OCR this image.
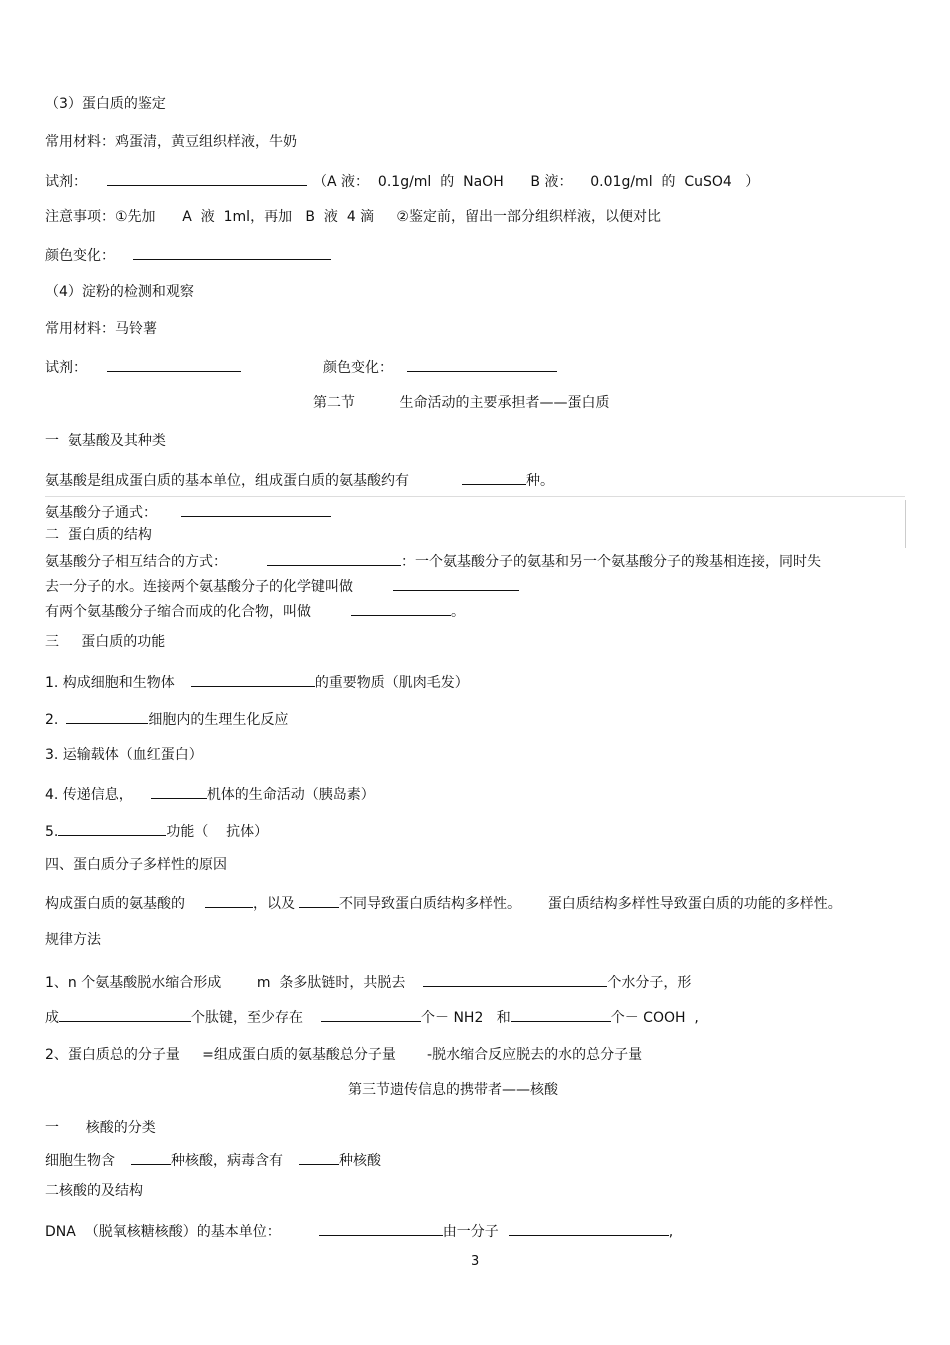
（3）蛋白质的鉴定
常用材料：鸡蛋清，黄豆组织样液，牛奶
试剂：	（A 液：  0.1g/ml  的  NaOH      B 液：    0.01g/ml  的  CuSO4   ）
注意事项：①先加      A  液  1ml，再加   B  液  4 滴     ②鉴定前，留出一部分组织样液，以便对比
颜色变化：
（4）淀粉的检测和观察
常用材料：马铃薯
试剂：	颜色变化：
第二节          生命活动的主要承担者——蛋白质
一  氨基酸及其种类
氨基酸是组成蛋白质的基本单位，组成蛋白质的氨基酸约有	种。
氨基酸分子通式：
二  蛋白质的结构
氨基酸分子相互结合的方式：	：一个氨基酸分子的氨基和另一个氨基酸分子的羧基相连接，同时失
去一分子的水。连接两个氨基酸分子的化学键叫做
有两个氨基酸分子缩合而成的化合物，叫做	。
三     蛋白质的功能
1. 构成细胞和生物体	的重要物质（肌肉毛发）
2.	细胞内的生理生化反应
3. 运输载体（血红蛋白）
4. 传递信息，	机体的生命活动（胰岛素）
5.	功能（    抗体）
四、蛋白质分子多样性的原因
构成蛋白质的氨基酸的	，以及	不同导致蛋白质结构多样性。      蛋白质结构多样性导致蛋白质的功能的多样性。
规律方法
1、n 个氨基酸脱水缩合形成        m  条多肽链时，共脱去	个水分子，形
成	个肽键，至少存在	个－ NH2   和	个－ COOH  ,
2、蛋白质总的分子量     =组成蛋白质的氨基酸总分子量       -脱水缩合反应脱去的水的总分子量
第三节遗传信息的携带者——核酸
一      核酸的分类
细胞生物含	种核酸，病毒含有	种核酸
二核酸的及结构
DNA  （脱氧核糖核酸）的基本单位：	由一分子	,
3
